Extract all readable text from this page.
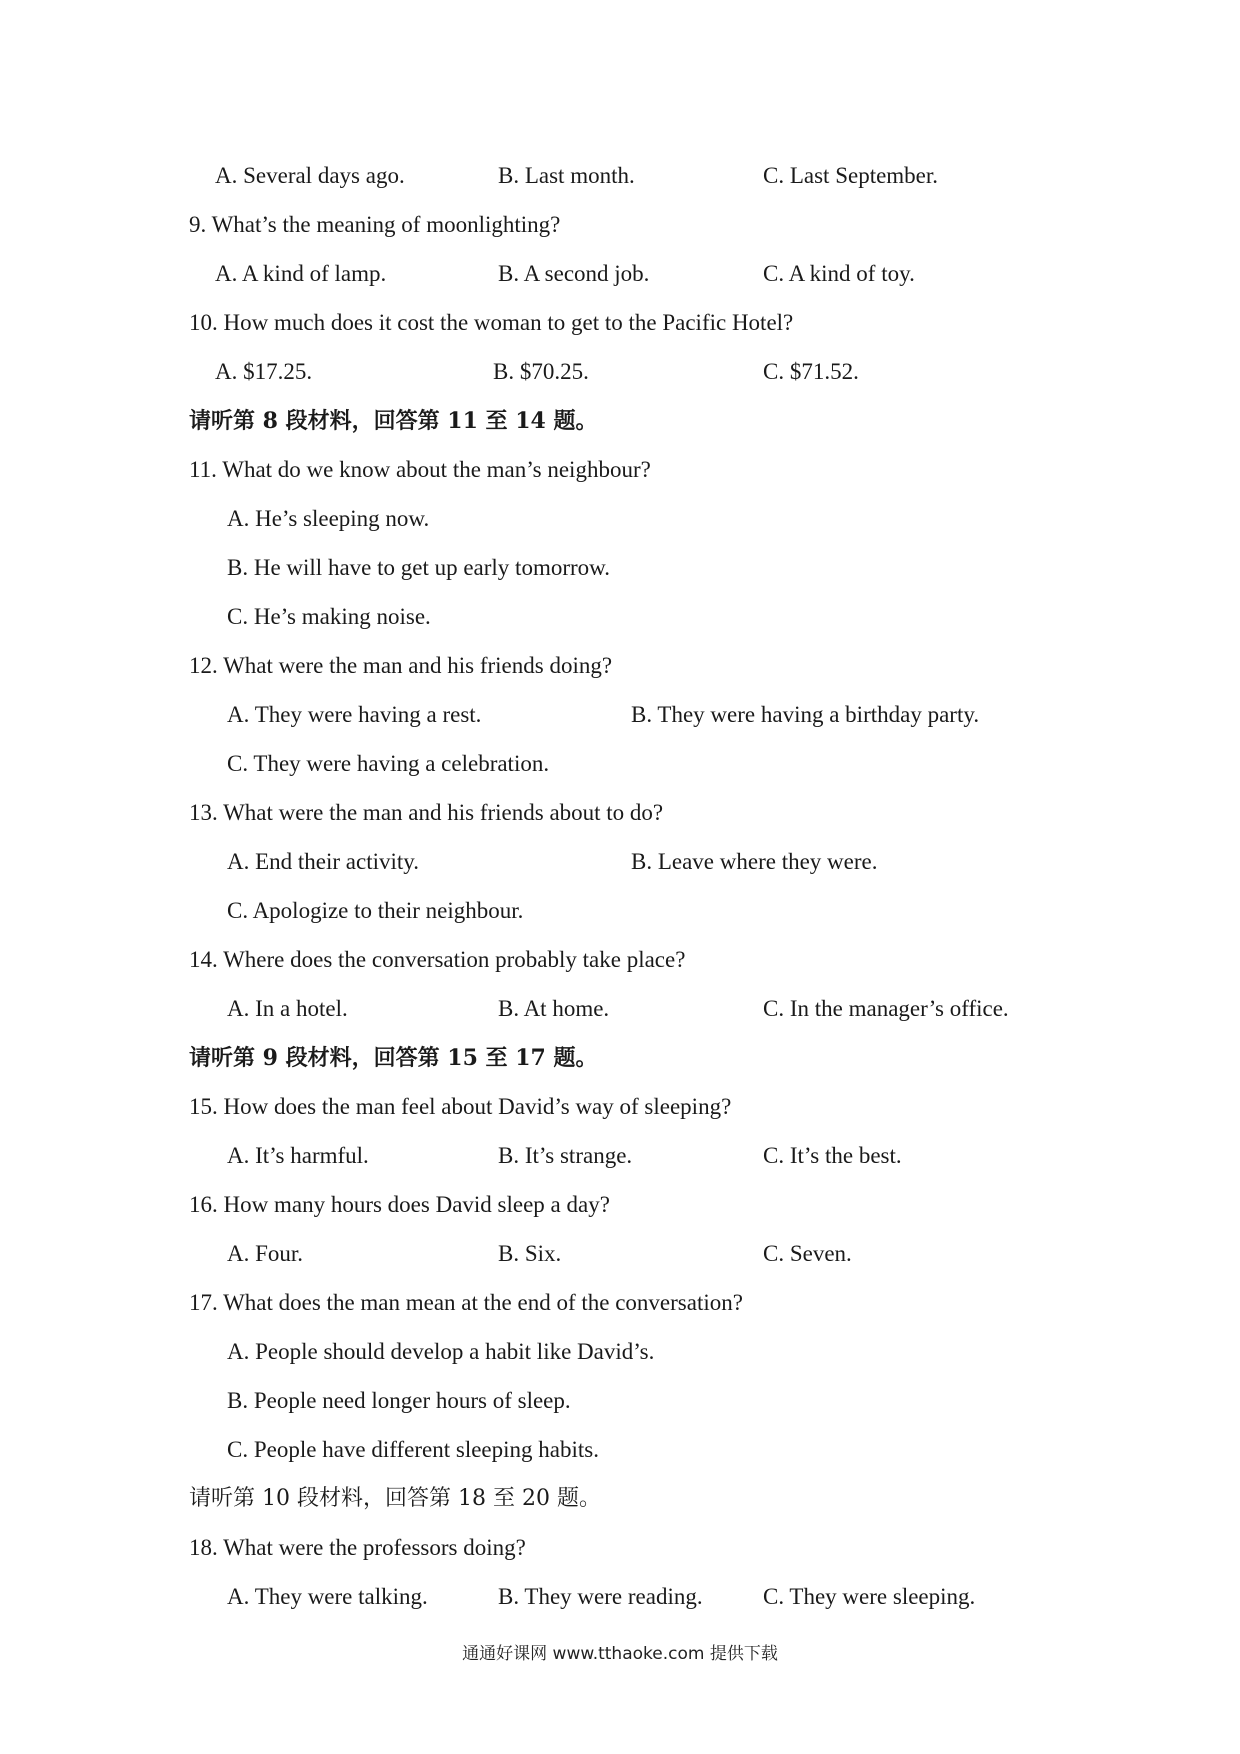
A. Several days ago.	B. Last month.	C. Last September.
9. What’s the meaning of moonlighting?
A. A kind of lamp.	B. A second job.	C. A kind of toy.
10. How much does it cost the woman to get to the Pacific Hotel?
A. $17.25.	B. $70.25.	C. $71.52.
请听第 8 段材料，回答第 11 至 14 题。
11. What do we know about the man’s neighbour?
A. He’s sleeping now.
B. He will have to get up early tomorrow.
C. He’s making noise.
12. What were the man and his friends doing?
A. They were having a rest.	B. They were having a birthday party.
C. They were having a celebration.
13. What were the man and his friends about to do?
A. End their activity.	B. Leave where they were.
C. Apologize to their neighbour.
14. Where does the conversation probably take place?
A. In a hotel.	B. At home.	C. In the manager’s office.
请听第 9 段材料，回答第 15 至 17 题。
15. How does the man feel about David’s way of sleeping?
A. It’s harmful.	B. It’s strange.	C. It’s the best.
16. How many hours does David sleep a day?
A. Four.	B. Six.	C. Seven.
17. What does the man mean at the end of the conversation?
A. People should develop a habit like David’s.
B. People need longer hours of sleep.
C. People have different sleeping habits.
请听第 10 段材料，回答第 18 至 20 题。
18. What were the professors doing?
A. They were talking.	B. They were reading.	C. They were sleeping.
通通好课网 www.tthaoke.com 提供下载
